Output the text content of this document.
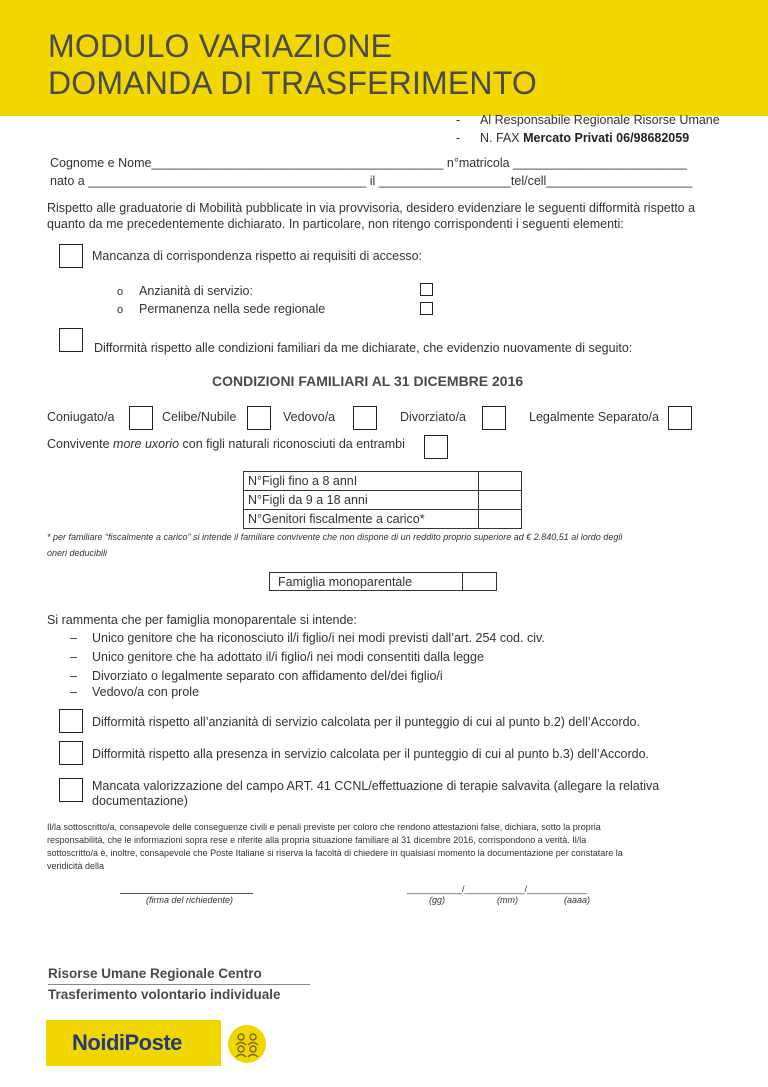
MODULO VARIAZIONE
DOMANDA DI TRASFERIMENTO
- Al Responsabile Regionale Risorse Umane
- N. FAX Mercato Privati 06/98682059
Cognome e Nome__________________________________________ n°matricola _________________________
nato a ________________________________________ il ___________________tel/cell_____________________
Rispetto alle graduatorie di Mobilità pubblicate in via provvisoria, desidero evidenziare le seguenti difformità rispetto a
quanto da me precedentemente dichiarato. In particolare, non ritengo corrispondenti i seguenti elementi:
Mancanza di corrispondenza rispetto ai requisiti di accesso:
o Anzianità di servizio:
o Permanenza nella sede regionale
Difformità rispetto alle condizioni familiari da me dichiarate, che evidenzio nuovamente di seguito:
CONDIZIONI FAMILIARI AL 31 DICEMBRE 2016
Coniugato/a	Celibe/Nubile	Vedovo/a	Divorziato/a	Legalmente Separato/a
Convivente more uxorio con figli naturali riconosciuti da entrambi
N°Figli fino a 8 annI	
N°Figli da 9 a 18 anni	
N°Genitori fiscalmente a carico*	
* per familiare “fiscalmente a carico” si intende il familiare convivente che non dispone di un reddito proprio superiore ad € 2.840,51 al lordo degli
oneri deducibili
Famiglia monoparentale
Si rammenta che per famiglia monoparentale si intende:
– Unico genitore che ha riconosciuto il/i figlio/i nei modi previsti dall’art. 254 cod. civ.
– Unico genitore che ha adottato il/i figlio/i nei modi consentiti dalla legge
– Divorziato o legalmente separato con affidamento del/dei figlio/i
– Vedovo/a con prole
Difformità rispetto all’anzianità di servizio calcolata per il punteggio di cui al punto b.2) dell’Accordo.
Difformità rispetto alla presenza in servizio calcolata per il punteggio di cui al punto b.3) dell’Accordo.
Mancata valorizzazione del campo ART. 41 CCNL/effettuazione di terapie salvavita (allegare la relativa
documentazione)
Il/la sottoscritto/a, consapevole delle conseguenze civili e penali previste per coloro che rendono attestazioni false, dichiara, sotto la propria
responsabilità, che le informazioni sopra rese e riferite alla propria situazione familiare al 31 dicembre 2016, corrispondono a verità. Il/la
sottoscritto/a è, inoltre, consapevole che Poste Italiane si riserva la facoltà di chiedere in qualsiasi momento la documentazione per constatare la
veridicità della
(firma del richiedente)
___________/____________/____________
(gg)	(mm)	(aaaa)
Risorse Umane Regionale Centro
Trasferimento volontario individuale
NoidiPoste
